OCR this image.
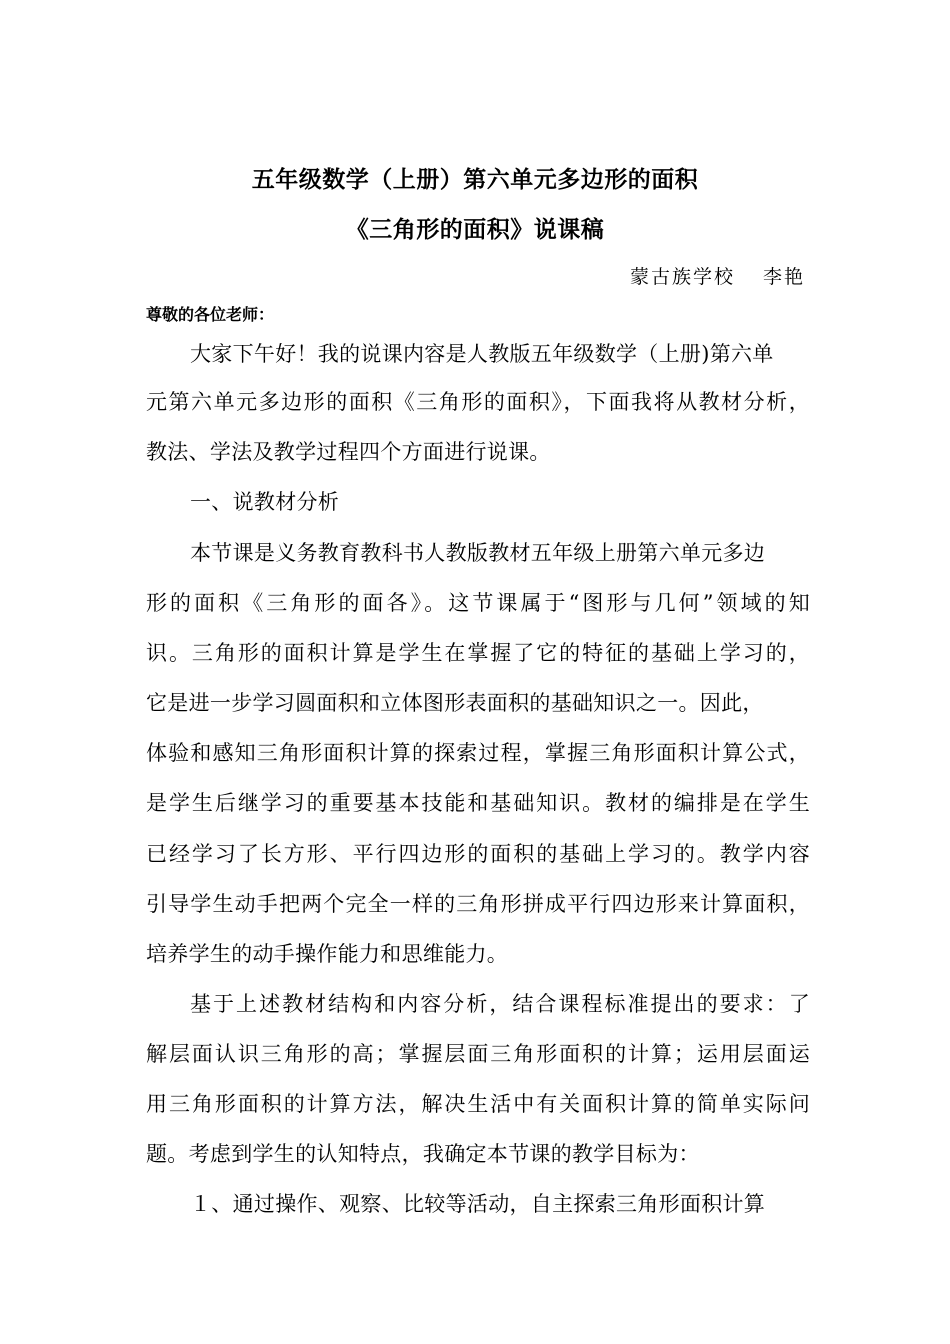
五年级数学（上册）第六单元多边形的面积
《三角形的面积》说课稿
蒙古族学校 李艳
尊敬的各位老师：
大家下午好！我的说课内容是人教版五年级数学（上册)第六单
元第六单元多边形的面积《三角形的面积》，下面我将从教材分析，
教法、学法及教学过程四个方面进行说课。
一、说教材分析
本节课是义务教育教科书人教版教材五年级上册第六单元多边
形的面积《三角形的面各》。这节课属于“图形与几何”领域的知
识。三角形的面积计算是学生在掌握了它的特征的基础上学习的，
它是进一步学习圆面积和立体图形表面积的基础知识之一。因此，
体验和感知三角形面积计算的探索过程，掌握三角形面积计算公式，
是学生后继学习的重要基本技能和基础知识。教材的编排是在学生
已经学习了长方形、平行四边形的面积的基础上学习的。教学内容
引导学生动手把两个完全一样的三角形拼成平行四边形来计算面积，
培养学生的动手操作能力和思维能力。
基于上述教材结构和内容分析，结合课程标准提出的要求：了
解层面认识三角形的高；掌握层面三角形面积的计算；运用层面运
用三角形面积的计算方法，解决生活中有关面积计算的简单实际问
题。考虑到学生的认知特点，我确定本节课的教学目标为：
１、通过操作、观察、比较等活动，自主探索三角形面积计算
